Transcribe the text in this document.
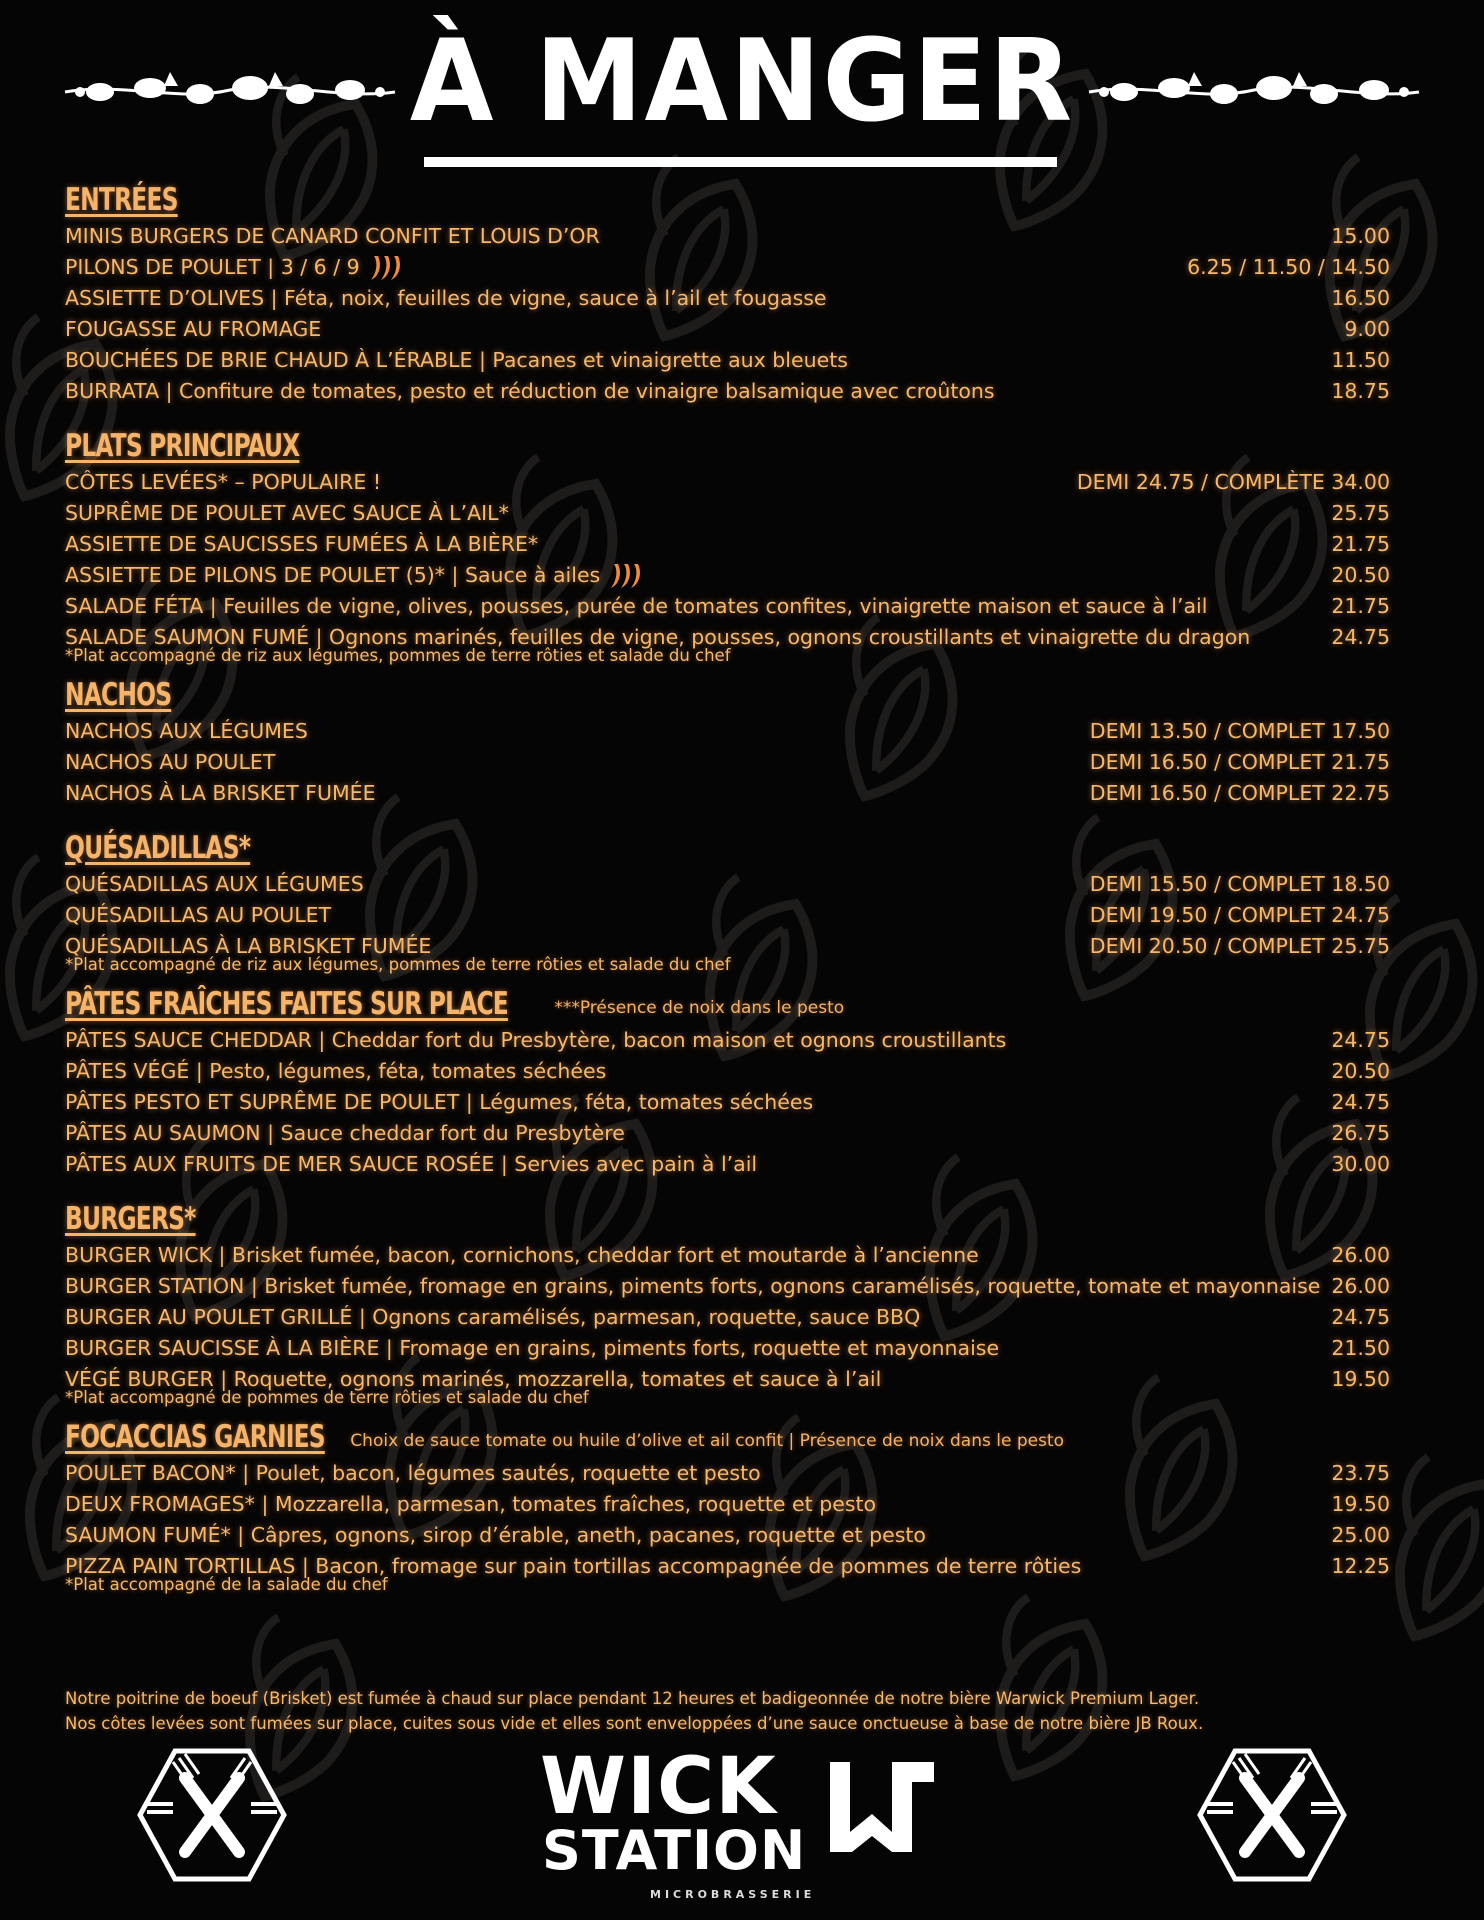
À MANGER
ENTRÉES
MINIS BURGERS DE CANARD CONFIT ET LOUIS D’OR	15.00
PILONS DE POULET | 3 / 6 / 9	6.25 / 11.50 / 14.50
ASSIETTE D’OLIVES | Féta, noix, feuilles de vigne, sauce à l’ail et fougasse	16.50
FOUGASSE AU FROMAGE	9.00
BOUCHÉES DE BRIE CHAUD À L’ÉRABLE | Pacanes et vinaigrette aux bleuets	11.50
BURRATA | Confiture de tomates, pesto et réduction de vinaigre balsamique avec croûtons	18.75
PLATS PRINCIPAUX
CÔTES LEVÉES* – POPULAIRE !	DEMI 24.75 / COMPLÈTE 34.00
SUPRÊME DE POULET AVEC SAUCE À L’AIL*	25.75
ASSIETTE DE SAUCISSES FUMÉES À LA BIÈRE*	21.75
ASSIETTE DE PILONS DE POULET (5)* | Sauce à ailes	20.50
SALADE FÉTA | Feuilles de vigne, olives, pousses, purée de tomates confites, vinaigrette maison et sauce à l’ail	21.75
SALADE SAUMON FUMÉ | Ognons marinés, feuilles de vigne, pousses, ognons croustillants et vinaigrette du dragon	24.75
*Plat accompagné de riz aux légumes, pommes de terre rôties et salade du chef
NACHOS
NACHOS AUX LÉGUMES	DEMI 13.50 / COMPLET 17.50
NACHOS AU POULET	DEMI 16.50 / COMPLET 21.75
NACHOS À LA BRISKET FUMÉE	DEMI 16.50 / COMPLET 22.75
QUÉSADILLAS*
QUÉSADILLAS AUX LÉGUMES	DEMI 15.50 / COMPLET 18.50
QUÉSADILLAS AU POULET	DEMI 19.50 / COMPLET 24.75
QUÉSADILLAS À LA BRISKET FUMÉE	DEMI 20.50 / COMPLET 25.75
*Plat accompagné de riz aux légumes, pommes de terre rôties et salade du chef
PÂTES FRAÎCHES FAITES SUR PLACE	***Présence de noix dans le pesto
PÂTES SAUCE CHEDDAR | Cheddar fort du Presbytère, bacon maison et ognons croustillants	24.75
PÂTES VÉGÉ | Pesto, légumes, féta, tomates séchées	20.50
PÂTES PESTO ET SUPRÊME DE POULET | Légumes, féta, tomates séchées	24.75
PÂTES AU SAUMON | Sauce cheddar fort du Presbytère	26.75
PÂTES AUX FRUITS DE MER SAUCE ROSÉE | Servies avec pain à l’ail	30.00
BURGERS*
BURGER WICK | Brisket fumée, bacon, cornichons, cheddar fort et moutarde à l’ancienne	26.00
BURGER STATION | Brisket fumée, fromage en grains, piments forts, ognons caramélisés, roquette, tomate et mayonnaise 26.00
BURGER AU POULET GRILLÉ | Ognons caramélisés, parmesan, roquette, sauce BBQ	24.75
BURGER SAUCISSE À LA BIÈRE | Fromage en grains, piments forts, roquette et mayonnaise	21.50
VÉGÉ BURGER | Roquette, ognons marinés, mozzarella, tomates et sauce à l’ail	19.50
*Plat accompagné de pommes de terre rôties et salade du chef
FOCACCIAS GARNIES Choix de sauce tomate ou huile d’olive et ail confit | Présence de noix dans le pesto
POULET BACON* | Poulet, bacon, légumes sautés, roquette et pesto	23.75
DEUX FROMAGES* | Mozzarella, parmesan, tomates fraîches, roquette et pesto	19.50
SAUMON FUMÉ* | Câpres, ognons, sirop d’érable, aneth, pacanes, roquette et pesto	25.00
PIZZA PAIN TORTILLAS | Bacon, fromage sur pain tortillas accompagnée de pommes de terre rôties	12.25
*Plat accompagné de la salade du chef
Notre poitrine de boeuf (Brisket) est fumée à chaud sur place pendant 12 heures et badigeonnée de notre bière Warwick Premium Lager.
Nos côtes levées sont fumées sur place, cuites sous vide et elles sont enveloppées d’une sauce onctueuse à base de notre bière JB Roux.
WICK
STATION
MICROBRASSERIE
